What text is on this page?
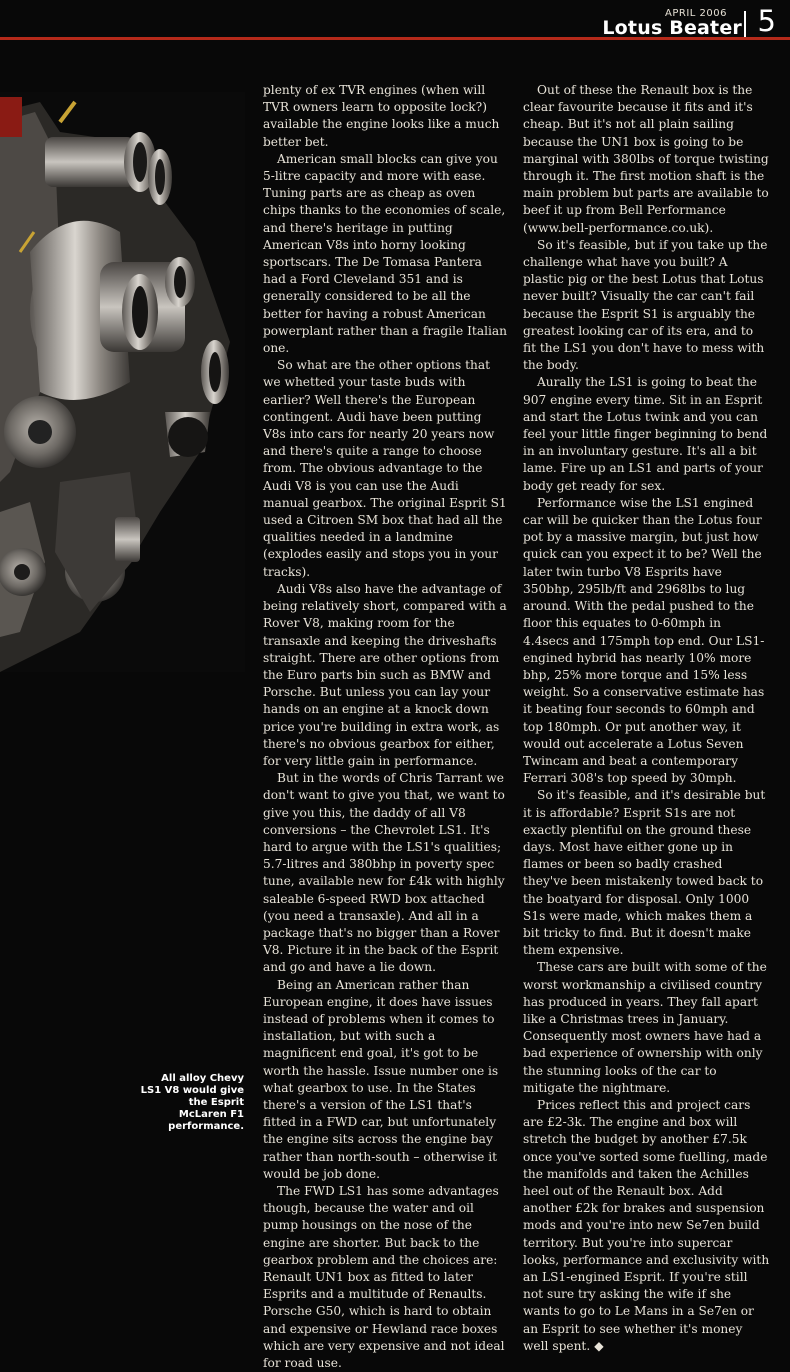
APRIL 2006
Lotus Beater 5
All alloy Chevy LS1 V8 would give the Esprit McLaren F1 performance.

plenty of ex TVR engines (when will TVR owners learn to opposite lock?) available the engine looks like a much better bet.

American small blocks can give you 5-litre capacity and more with ease. Tuning parts are as cheap as oven chips thanks to the economies of scale, and there's heritage in putting American V8s into horny looking sportscars. The De Tomasa Pantera had a Ford Cleveland 351 and is generally considered to be all the better for having a robust American powerplant rather than a fragile Italian one.

So what are the other options that we whetted your taste buds with earlier? Well there's the European contingent. Audi have been putting V8s into cars for nearly 20 years now and there's quite a range to choose from. The obvious advantage to the Audi V8 is you can use the Audi manual gearbox. The original Esprit S1 used a Citroen SM box that had all the qualities needed in a landmine (explodes easily and stops you in your tracks).

Audi V8s also have the advantage of being relatively short, compared with a Rover V8, making room for the transaxle and keeping the driveshafts straight. There are other options from the Euro parts bin such as BMW and Porsche. But unless you can lay your hands on an engine at a knock down price you're building in extra work, as there's no obvious gearbox for either, for very little gain in performance.

But in the words of Chris Tarrant we don't want to give you that, we want to give you this, the daddy of all V8 conversions – the Chevrolet LS1. It's hard to argue with the LS1's qualities; 5.7-litres and 380bhp in poverty spec tune, available new for £4k with highly saleable 6-speed RWD box attached (you need a transaxle). And all in a package that's no bigger than a Rover V8. Picture it in the back of the Esprit and go and have a lie down.

Being an American rather than European engine, it does have issues instead of problems when it comes to installation, but with such a magnificent end goal, it's got to be worth the hassle. Issue number one is what gearbox to use. In the States there's a version of the LS1 that's fitted in a FWD car, but unfortunately the engine sits across the engine bay rather than north-south – otherwise it would be job done.

The FWD LS1 has some advantages though, because the water and oil pump housings on the nose of the engine are shorter. But back to the gearbox problem and the choices are: Renault UN1 box as fitted to later Esprits and a multitude of Renaults. Porsche G50, which is hard to obtain and expensive or Hewland race boxes which are very expensive and not ideal for road use.

Out of these the Renault box is the clear favourite because it fits and it's cheap. But it's not all plain sailing because the UN1 box is going to be marginal with 380lbs of torque twisting through it. The first motion shaft is the main problem but parts are available to beef it up from Bell Performance (www.bell-performance.co.uk).

So it's feasible, but if you take up the challenge what have you built? A plastic pig or the best Lotus that Lotus never built? Visually the car can't fail because the Esprit S1 is arguably the greatest looking car of its era, and to fit the LS1 you don't have to mess with the body.

Aurally the LS1 is going to beat the 907 engine every time. Sit in an Esprit and start the Lotus twink and you can feel your little finger beginning to bend in an involuntary gesture. It's all a bit lame. Fire up an LS1 and parts of your body get ready for sex.

Performance wise the LS1 engined car will be quicker than the Lotus four pot by a massive margin, but just how quick can you expect it to be? Well the later twin turbo V8 Esprits have 350bhp, 295lb/ft and 2968lbs to lug around. With the pedal pushed to the floor this equates to 0-60mph in 4.4secs and 175mph top end. Our LS1-engined hybrid has nearly 10% more bhp, 25% more torque and 15% less weight. So a conservative estimate has it beating four seconds to 60mph and top 180mph. Or put another way, it would out accelerate a Lotus Seven Twincam and beat a contemporary Ferrari 308's top speed by 30mph.

So it's feasible, and it's desirable but it is affordable? Esprit S1s are not exactly plentiful on the ground these days. Most have either gone up in flames or been so badly crashed they've been mistakenly towed back to the boatyard for disposal. Only 1000 S1s were made, which makes them a bit tricky to find. But it doesn't make them expensive.

These cars are built with some of the worst workmanship a civilised country has produced in years. They fall apart like a Christmas trees in January. Consequently most owners have had a bad experience of ownership with only the stunning looks of the car to mitigate the nightmare.

Prices reflect this and project cars are £2-3k. The engine and box will stretch the budget by another £7.5k once you've sorted some fuelling, made the manifolds and taken the Achilles heel out of the Renault box. Add another £2k for brakes and suspension mods and you're into new Se7en build territory. But you're into supercar looks, performance and exclusivity with an LS1-engined Esprit. If you're still not sure try asking the wife if she wants to go to Le Mans in a Se7en or an Esprit to see whether it's money well spent. ◆
